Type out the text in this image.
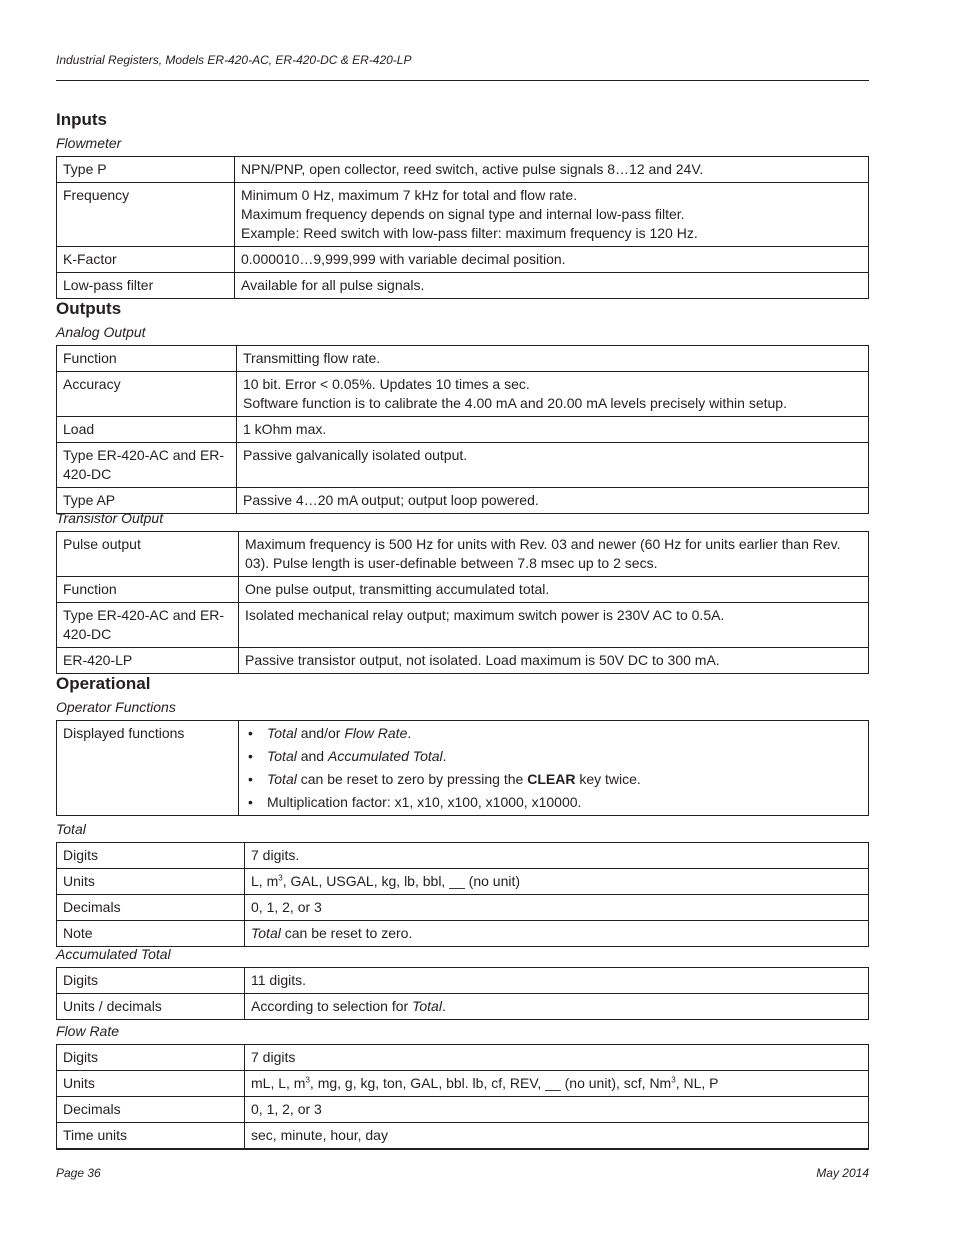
Industrial Registers, Models ER-420-AC, ER-420-DC & ER-420-LP
Inputs
Flowmeter
Type P	NPN/PNP, open collector, reed switch, active pulse signals 8…12 and 24V.

Frequency	Minimum 0 Hz, maximum 7 kHz for total and flow rate.
Maximum frequency depends on signal type and internal low-pass filter.
Example: Reed switch with low-pass filter: maximum frequency is 120 Hz.

K-Factor	0.000010…9,999,999 with variable decimal position.

Low-pass filter	Available for all pulse signals.
Outputs
Analog Output
Function	Transmitting flow rate.

Accuracy	10 bit. Error < 0.05%. Updates 10 times a sec.
Software function is to calibrate the 4.00 mA and 20.00 mA levels precisely within setup.

Load	1 kOhm max.

Type ER-420-AC and ER-420-DC	Passive galvanically isolated output.

Type AP	Passive 4…20 mA output; output loop powered.
Transistor Output
Pulse output	Maximum frequency is 500 Hz for units with Rev. 03 and newer (60 Hz for units earlier than Rev. 03). Pulse length is user-definable between 7.8 msec up to 2 secs.

Function	One pulse output, transmitting accumulated total.

Type ER-420-AC and ER-420-DC	Isolated mechanical relay output; maximum switch power is 230V AC to 0.5A.

ER-420-LP	Passive transistor output, not isolated. Load maximum is 50V DC to 300 mA.
Operational
Operator Functions
Displayed functions	• Total and/or Flow Rate.
• Total and Accumulated Total.
• Total can be reset to zero by pressing the CLEAR key twice.
• Multiplication factor: x1, x10, x100, x1000, x10000.
Total
Digits	7 digits.
Units	L, $m^3$, GAL, USGAL, kg, lb, bbl, __ (no unit)
Decimals	0, 1, 2, or 3
Note	Total can be reset to zero.
Accumulated Total
Digits	11 digits.
Units / decimals	According to selection for Total.
Flow Rate
Digits	7 digits
Units	mL, L, $m^3$, mg, g, kg, ton, GAL, bbl. lb, cf, REV, __ (no unit), scf, Nm$^3$, NL, P
Decimals	0, 1, 2, or 3
Time units	sec, minute, hour, day
Page 36	May 2014
